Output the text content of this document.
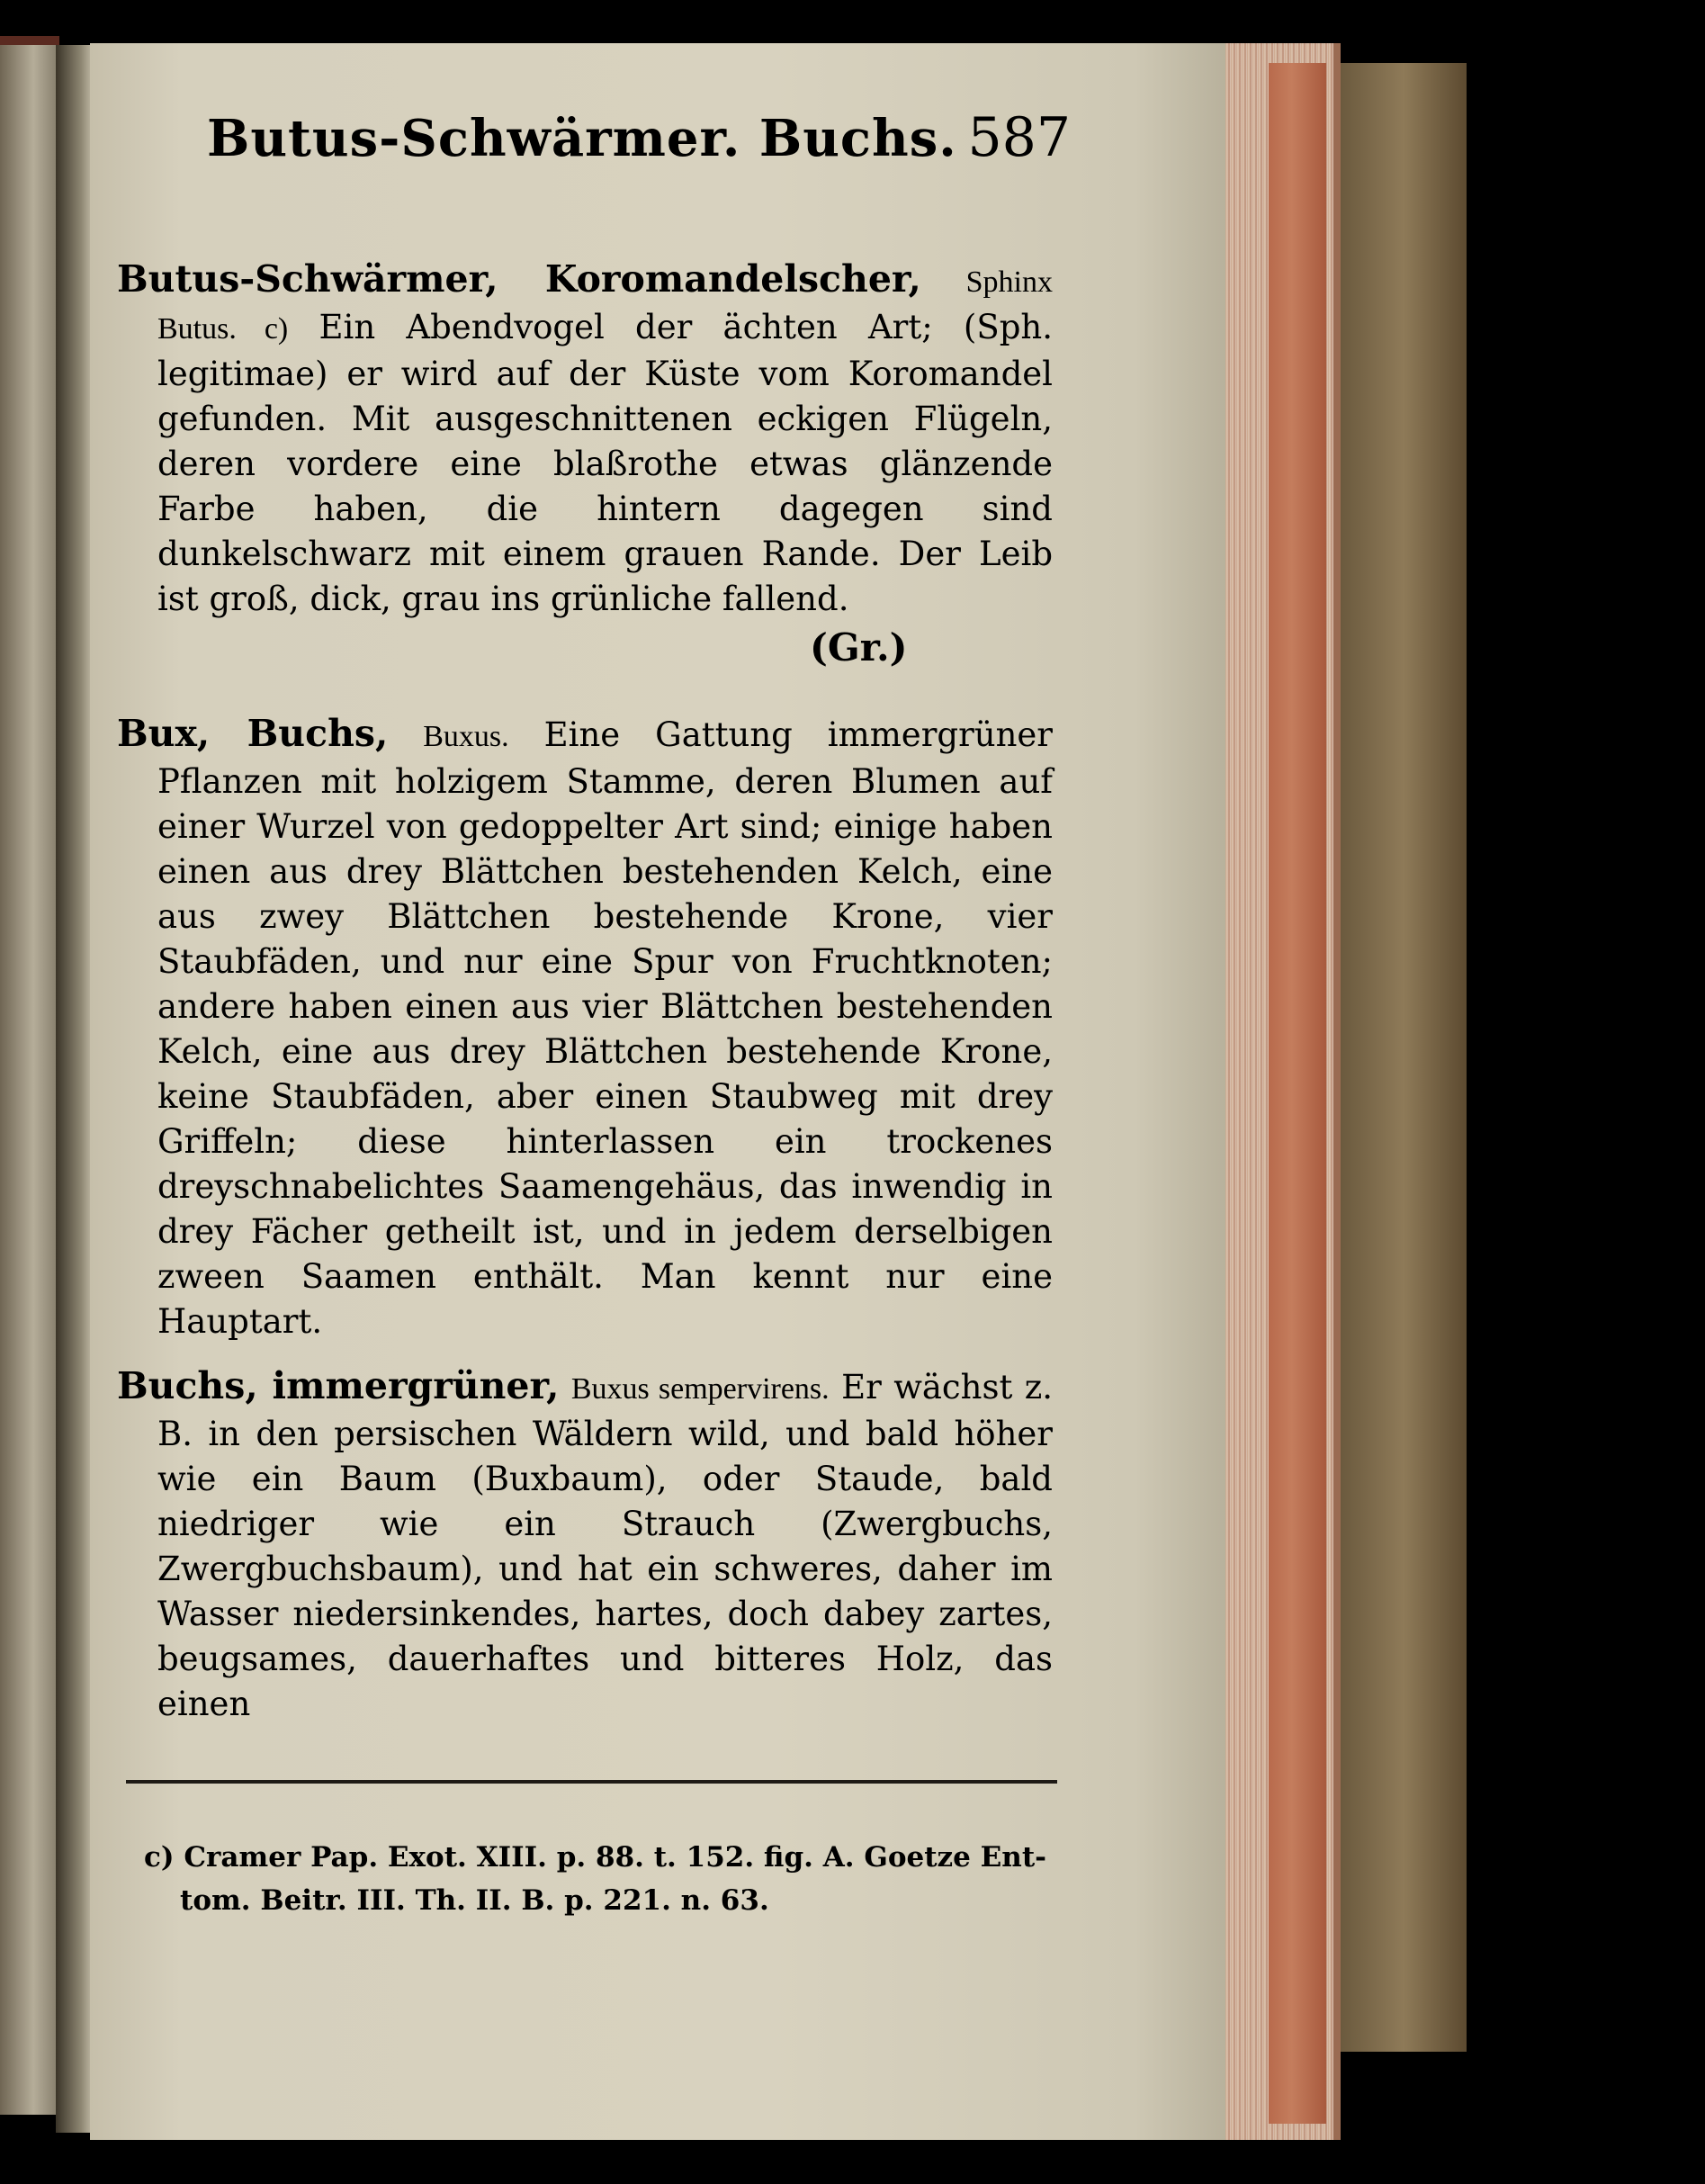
Butus-Schwärmer. Buchs. 587

Butus-Schwärmer, Koromandelscher, Sphinx Butus. c) Ein Abendvogel der ächten Art; (Sph. legitimae) er wird auf der Küste vom Koromandel gefunden. Mit ausgeschnittenen eckigen Flügeln, deren vordere eine blaßrothe etwas glänzende Farbe haben, die hintern dagegen sind dunkelschwarz mit einem grauen Rande. Der Leib ist groß, dick, grau ins grünliche fallend.

(Gr.)

Bux, Buchs, Buxus. Eine Gattung immergrüner Pflanzen mit holzigem Stamme, deren Blumen auf einer Wurzel von gedoppelter Art sind; einige haben einen aus drey Blättchen bestehenden Kelch, eine aus zwey Blättchen bestehende Krone, vier Staubfäden, und nur eine Spur von Fruchtknoten; andere haben einen aus vier Blättchen bestehenden Kelch, eine aus drey Blättchen bestehende Krone, keine Staubfäden, aber einen Staubweg mit drey Griffeln; diese hinterlassen ein trockenes dreyschnabelichtes Saamengehäus, das inwendig in drey Fächer getheilt ist, und in jedem derselbigen zween Saamen enthält. Man kennt nur eine Hauptart.

Buchs, immergrüner, Buxus sempervirens. Er wächst z. B. in den persischen Wäldern wild, und bald höher wie ein Baum (Buxbaum), oder Staude, bald niedriger wie ein Strauch (Zwergbuchs, Zwergbuchsbaum), und hat ein schweres, daher im Wasser niedersinkendes, hartes, doch dabey zartes, beugsames, dauerhaftes und bitteres Holz, das einen

c) Cramer Pap. Exot. XIII. p. 88. t. 152. fig. A. Goetze Ent-
tom. Beitr. III. Th. II. B. p. 221. n. 63.
